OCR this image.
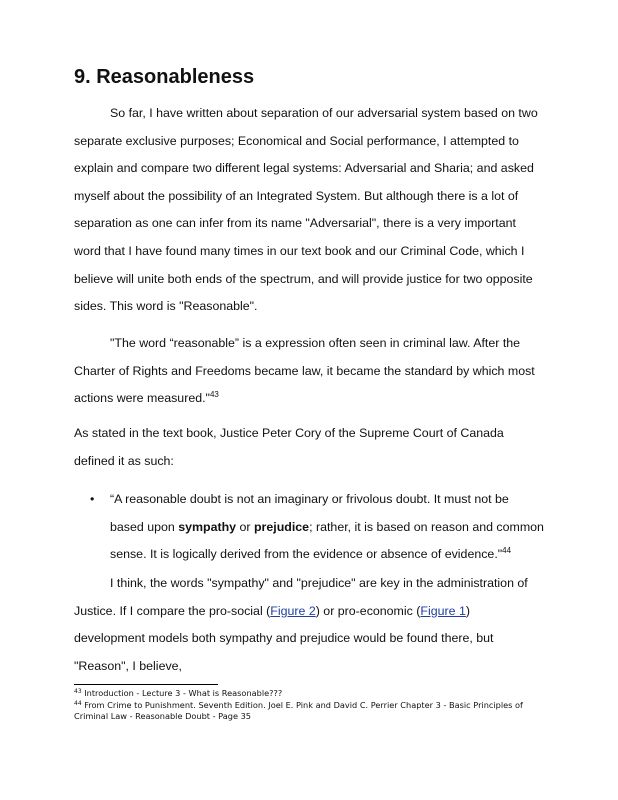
9. Reasonableness

So far, I have written about separation of our adversarial system based on two separate exclusive purposes; Economical and Social performance, I attempted to explain and compare two different legal systems: Adversarial and Sharia; and asked myself about the possibility of an Integrated System. But although there is a lot of separation as one can infer from its name "Adversarial", there is a very important word that I have found many times in our text book and our Criminal Code, which I believe will unite both ends of the spectrum, and will provide justice for two opposite sides. This word is "Reasonable".

"The word “reasonable” is a expression often seen in criminal law. After the Charter of Rights and Freedoms became law, it became the standard by which most actions were measured."$^{43}$

As stated in the text book, Justice Peter Cory of the Supreme Court of Canada defined it as such:

• “A reasonable doubt is not an imaginary or frivolous doubt. It must not be based upon sympathy or prejudice; rather, it is based on reason and common sense. It is logically derived from the evidence or absence of evidence."$^{44}$

I think, the words "sympathy" and "prejudice" are key in the administration of Justice. If I compare the pro-social (Figure 2) or pro-economic (Figure 1) development models both sympathy and prejudice would be found there, but "Reason", I believe,

$^{43}$ Introduction - Lecture 3 - What is Reasonable???

$^{44}$ From Crime to Punishment. Seventh Edition. Joel E. Pink and David C. Perrier Chapter 3 - Basic Principles of Criminal Law - Reasonable Doubt - Page 35
